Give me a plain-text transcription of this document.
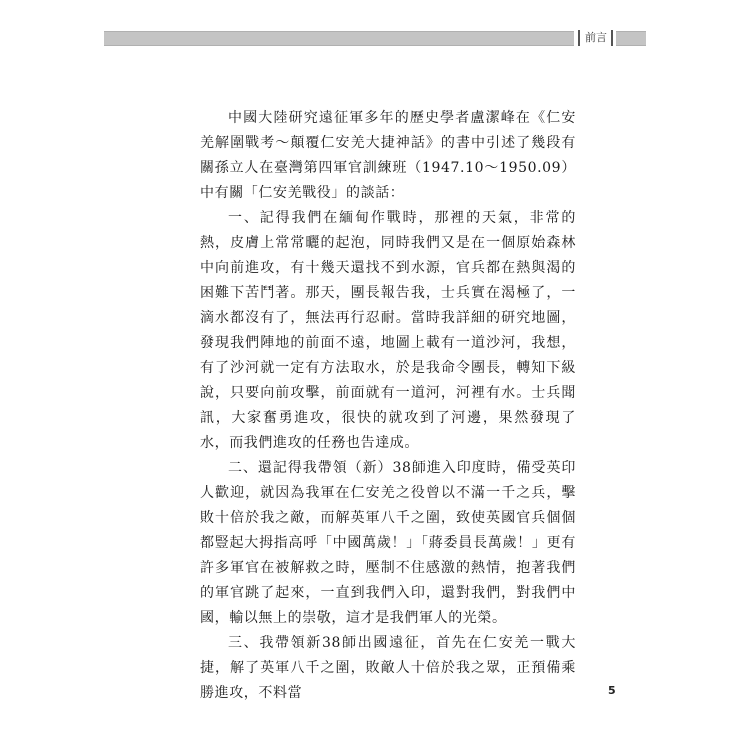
前言

中國大陸研究遠征軍多年的歷史學者盧潔峰在《仁安羌解圍戰考～顛覆仁安羌大捷神話》的書中引述了幾段有關孫立人在臺灣第四軍官訓練班（1947.10～1950.09）中有關「仁安羌戰役」的談話：

一、記得我們在緬甸作戰時，那裡的天氣，非常的熱，皮膚上常常曬的起泡，同時我們又是在一個原始森林中向前進攻，有十幾天還找不到水源，官兵都在熱與渴的困難下苦鬥著。那天，團長報告我，士兵實在渴極了，一滴水都沒有了，無法再行忍耐。當時我詳細的研究地圖，發現我們陣地的前面不遠，地圖上載有一道沙河，我想，有了沙河就一定有方法取水，於是我命令團長，轉知下級說，只要向前攻擊，前面就有一道河，河裡有水。士兵聞訊，大家奮勇進攻，很快的就攻到了河邊，果然發現了水，而我們進攻的任務也告達成。

二、還記得我帶領（新）38師進入印度時，備受英印人歡迎，就因為我軍在仁安羌之役曾以不滿一千之兵，擊敗十倍於我之敵，而解英軍八千之圍，致使英國官兵個個都豎起大拇指高呼「中國萬歲！」「蔣委員長萬歲！」更有許多軍官在被解救之時，壓制不住感激的熱情，抱著我們的軍官跳了起來，一直到我們入印，還對我們，對我們中國，輸以無上的崇敬，這才是我們軍人的光榮。

三、我帶領新38師出國遠征，首先在仁安羌一戰大捷，解了英軍八千之圍，敗敵人十倍於我之眾，正預備乘勝進攻，不料當	5
